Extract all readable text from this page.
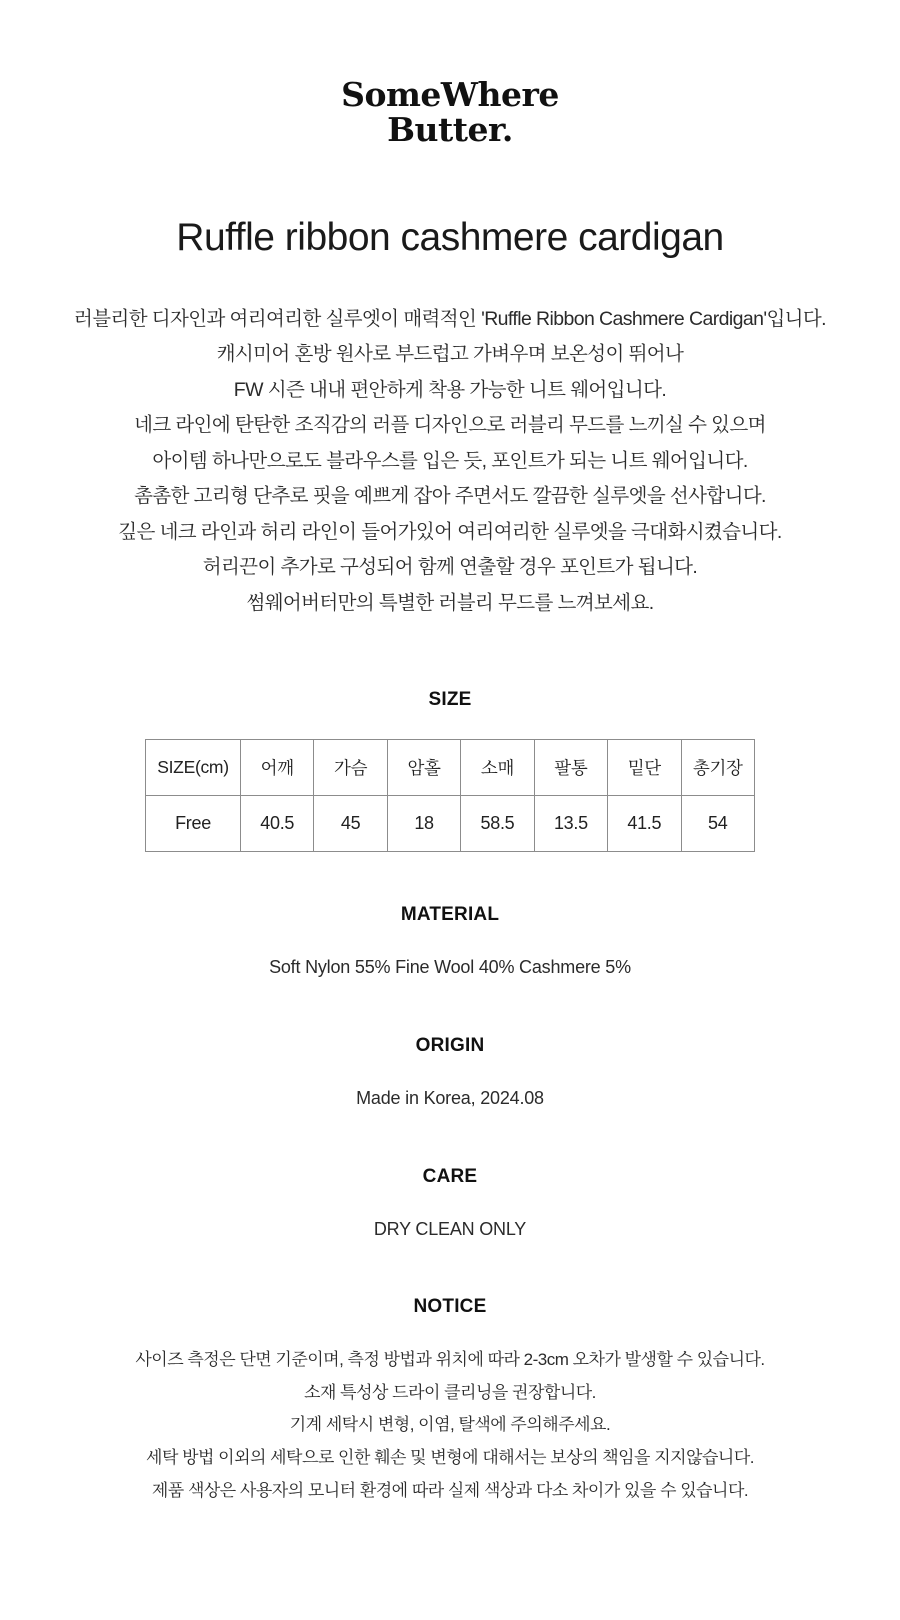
SomeWhere
Butter.
Ruffle ribbon cashmere cardigan

러블리한 디자인과 여리여리한 실루엣이 매력적인 'Ruffle Ribbon Cashmere Cardigan'입니다.

캐시미어 혼방 원사로 부드럽고 가벼우며 보온성이 뛰어나

FW 시즌 내내 편안하게 착용 가능한 니트 웨어입니다.

네크 라인에 탄탄한 조직감의 러플 디자인으로 러블리 무드를 느끼실 수 있으며

아이템 하나만으로도 블라우스를 입은 듯, 포인트가 되는 니트 웨어입니다.

촘촘한 고리형 단추로 핏을 예쁘게 잡아 주면서도 깔끔한 실루엣을 선사합니다.

깊은 네크 라인과 허리 라인이 들어가있어 여리여리한 실루엣을 극대화시켰습니다.

허리끈이 추가로 구성되어 함께 연출할 경우 포인트가 됩니다.

썸웨어버터만의 특별한 러블리 무드를 느껴보세요.

SIZE
SIZE(cm)	어깨	가슴	암홀	소매	팔통	밑단	총기장
Free	40.5	45	18	58.5	13.5	41.5	54
MATERIAL
Soft Nylon 55% Fine Wool 40% Cashmere 5%
ORIGIN
Made in Korea, 2024.08
CARE
DRY CLEAN ONLY
NOTICE

사이즈 측정은 단면 기준이며, 측정 방법과 위치에 따라 2-3cm 오차가 발생할 수 있습니다.

소재 특성상 드라이 클리닝을 권장합니다.

기계 세탁시 변형, 이염, 탈색에 주의해주세요.

세탁 방법 이외의 세탁으로 인한 훼손 및 변형에 대해서는 보상의 책임을 지지않습니다.

제품 색상은 사용자의 모니터 환경에 따라 실제 색상과 다소 차이가 있을 수 있습니다.
